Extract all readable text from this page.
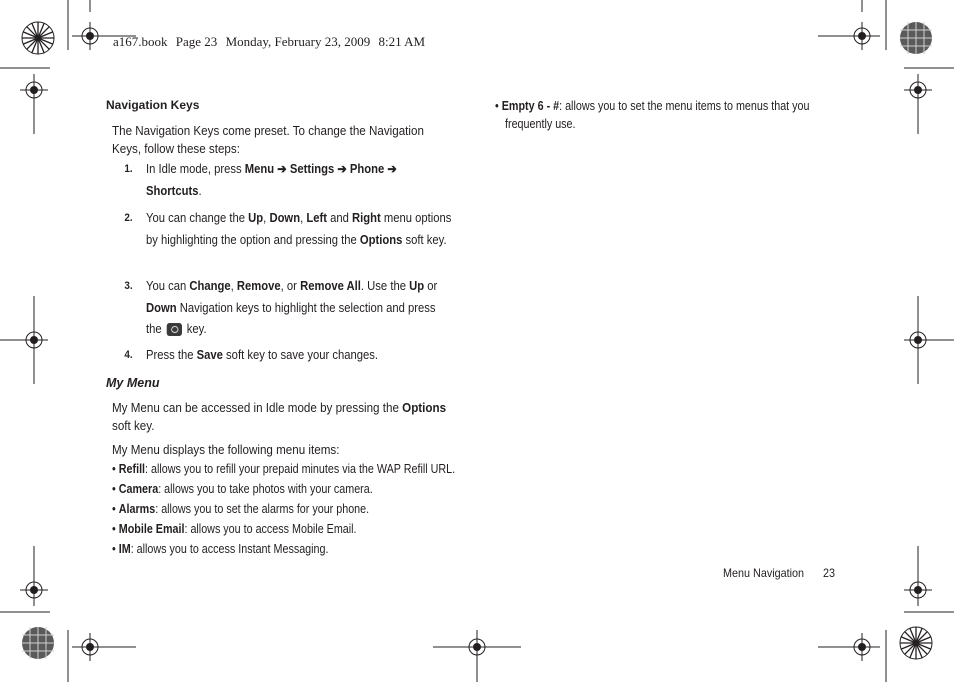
a167.book Page 23 Monday, February 23, 2009 8:21 AM
Navigation Keys
The Navigation Keys come preset. To change the Navigation Keys, follow these steps:
1. In Idle mode, press Menu ➔ Settings ➔ Phone ➔
Shortcuts.
2. You can change the Up, Down, Left and Right menu options by highlighting the option and pressing the Options soft key.
3. You can Change, Remove, or Remove All. Use the Up or Down Navigation keys to highlight the selection and press the  key.
4. Press the Save soft key to save your changes.
My Menu
My Menu can be accessed in Idle mode by pressing the Options soft key.
My Menu displays the following menu items:
• Refill: allows you to refill your prepaid minutes via the WAP Refill URL.
• Camera: allows you to take photos with your camera.
• Alarms: allows you to set the alarms for your phone.
• Mobile Email: allows you to access Mobile Email.
• IM: allows you to access Instant Messaging.
• Empty 6 - #: allows you to set the menu items to menus that you
frequently use.
Menu Navigation 23
